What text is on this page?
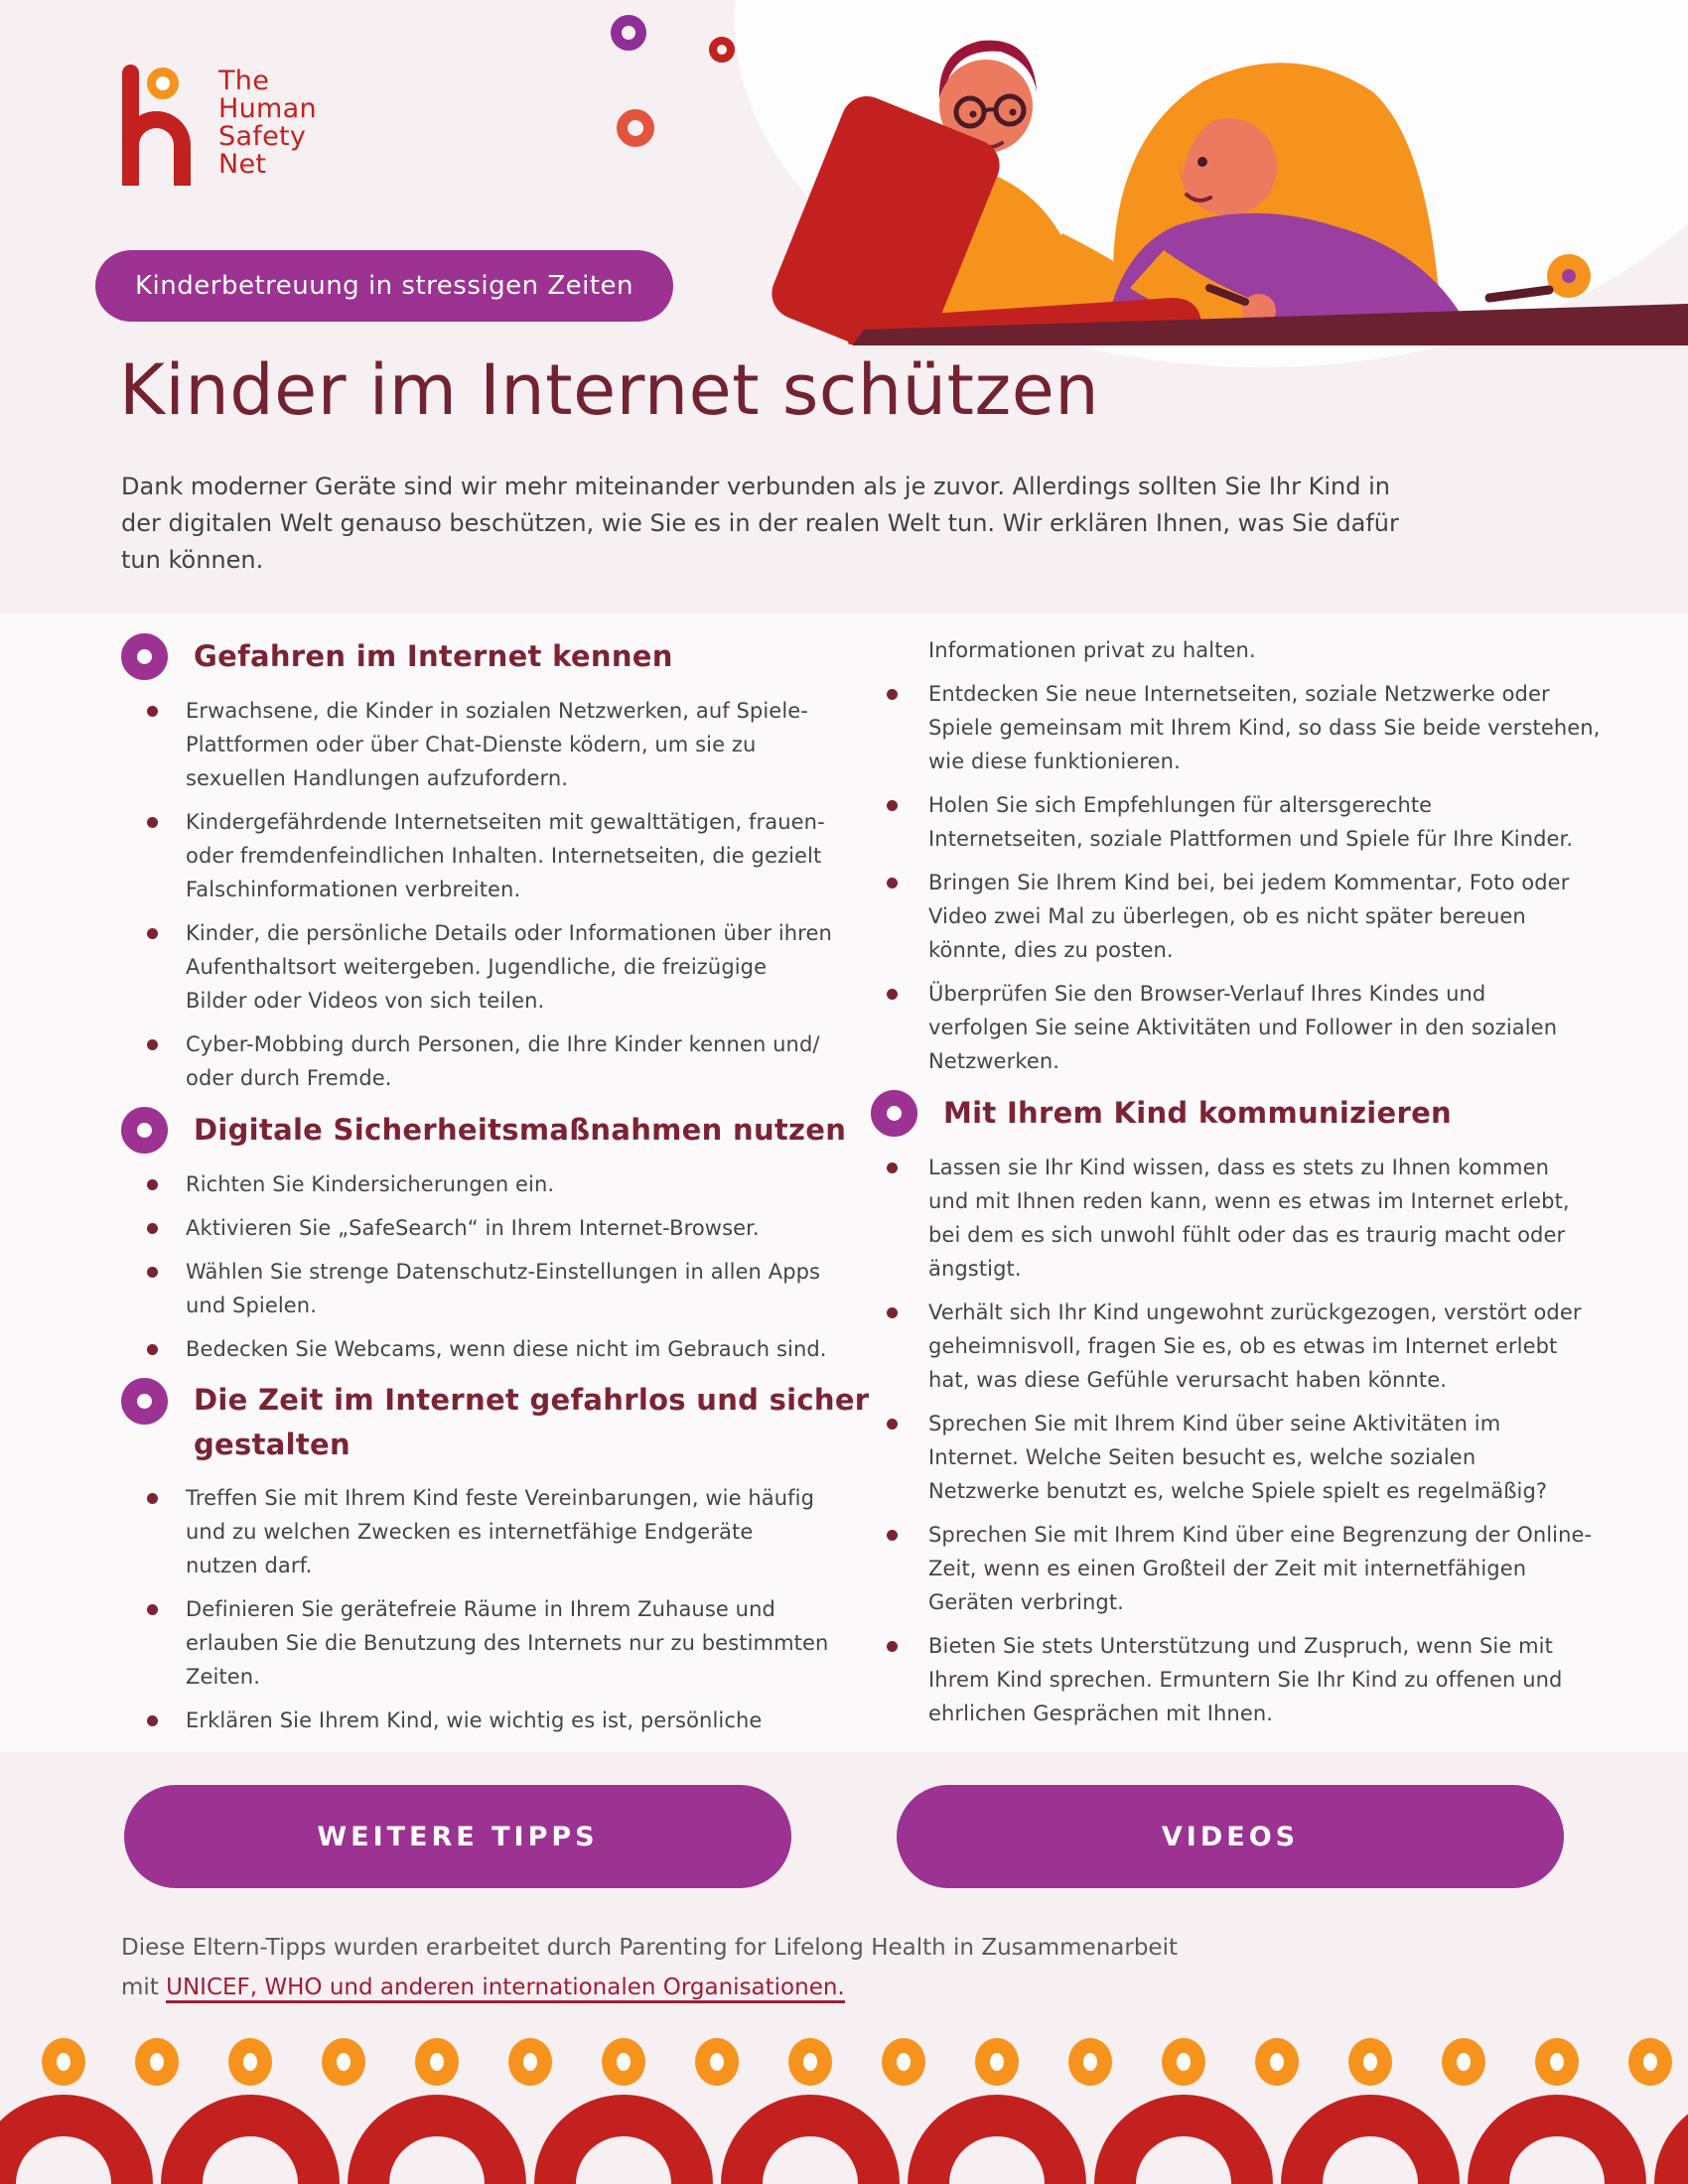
The
Human
Safety
Net
Kinderbetreuung in stressigen Zeiten
Kinder im Internet schützen
Dank moderner Geräte sind wir mehr miteinander verbunden als je zuvor. Allerdings sollten Sie Ihr Kind in
der digitalen Welt genauso beschützen, wie Sie es in der realen Welt tun. Wir erklären Ihnen, was Sie dafür
tun können.
Gefahren im Internet kennen
Erwachsene, die Kinder in sozialen Netzwerken, auf Spiele-
Plattformen oder über Chat-Dienste ködern, um sie zu
sexuellen Handlungen aufzufordern.
Kindergefährdende Internetseiten mit gewalttätigen, frauen-
oder fremdenfeindlichen Inhalten. Internetseiten, die gezielt
Falschinformationen verbreiten.
Kinder, die persönliche Details oder Informationen über ihren
Aufenthaltsort weitergeben. Jugendliche, die freizügige
Bilder oder Videos von sich teilen.
Cyber-Mobbing durch Personen, die Ihre Kinder kennen und/
oder durch Fremde.
Digitale Sicherheitsmaßnahmen nutzen
Richten Sie Kindersicherungen ein.
Aktivieren Sie „SafeSearch“ in Ihrem Internet-Browser.
Wählen Sie strenge Datenschutz-Einstellungen in allen Apps
und Spielen.
Bedecken Sie Webcams, wenn diese nicht im Gebrauch sind.
Die Zeit im Internet gefahrlos und sicher
gestalten
Treffen Sie mit Ihrem Kind feste Vereinbarungen, wie häufig
und zu welchen Zwecken es internetfähige Endgeräte
nutzen darf.
Definieren Sie gerätefreie Räume in Ihrem Zuhause und
erlauben Sie die Benutzung des Internets nur zu bestimmten
Zeiten.
Erklären Sie Ihrem Kind, wie wichtig es ist, persönliche
Informationen privat zu halten.
Entdecken Sie neue Internetseiten, soziale Netzwerke oder
Spiele gemeinsam mit Ihrem Kind, so dass Sie beide verstehen,
wie diese funktionieren.
Holen Sie sich Empfehlungen für altersgerechte
Internetseiten, soziale Plattformen und Spiele für Ihre Kinder.
Bringen Sie Ihrem Kind bei, bei jedem Kommentar, Foto oder
Video zwei Mal zu überlegen, ob es nicht später bereuen
könnte, dies zu posten.
Überprüfen Sie den Browser-Verlauf Ihres Kindes und
verfolgen Sie seine Aktivitäten und Follower in den sozialen
Netzwerken.
Mit Ihrem Kind kommunizieren
Lassen sie Ihr Kind wissen, dass es stets zu Ihnen kommen
und mit Ihnen reden kann, wenn es etwas im Internet erlebt,
bei dem es sich unwohl fühlt oder das es traurig macht oder
ängstigt.
Verhält sich Ihr Kind ungewohnt zurückgezogen, verstört oder
geheimnisvoll, fragen Sie es, ob es etwas im Internet erlebt
hat, was diese Gefühle verursacht haben könnte.
Sprechen Sie mit Ihrem Kind über seine Aktivitäten im
Internet. Welche Seiten besucht es, welche sozialen
Netzwerke benutzt es, welche Spiele spielt es regelmäßig?
Sprechen Sie mit Ihrem Kind über eine Begrenzung der Online-
Zeit, wenn es einen Großteil der Zeit mit internetfähigen
Geräten verbringt.
Bieten Sie stets Unterstützung und Zuspruch, wenn Sie mit
Ihrem Kind sprechen. Ermuntern Sie Ihr Kind zu offenen und
ehrlichen Gesprächen mit Ihnen.
WEITERE TIPPS	VIDEOS
Diese Eltern-Tipps wurden erarbeitet durch Parenting for Lifelong Health in Zusammenarbeit
mit UNICEF, WHO und anderen internationalen Organisationen.
